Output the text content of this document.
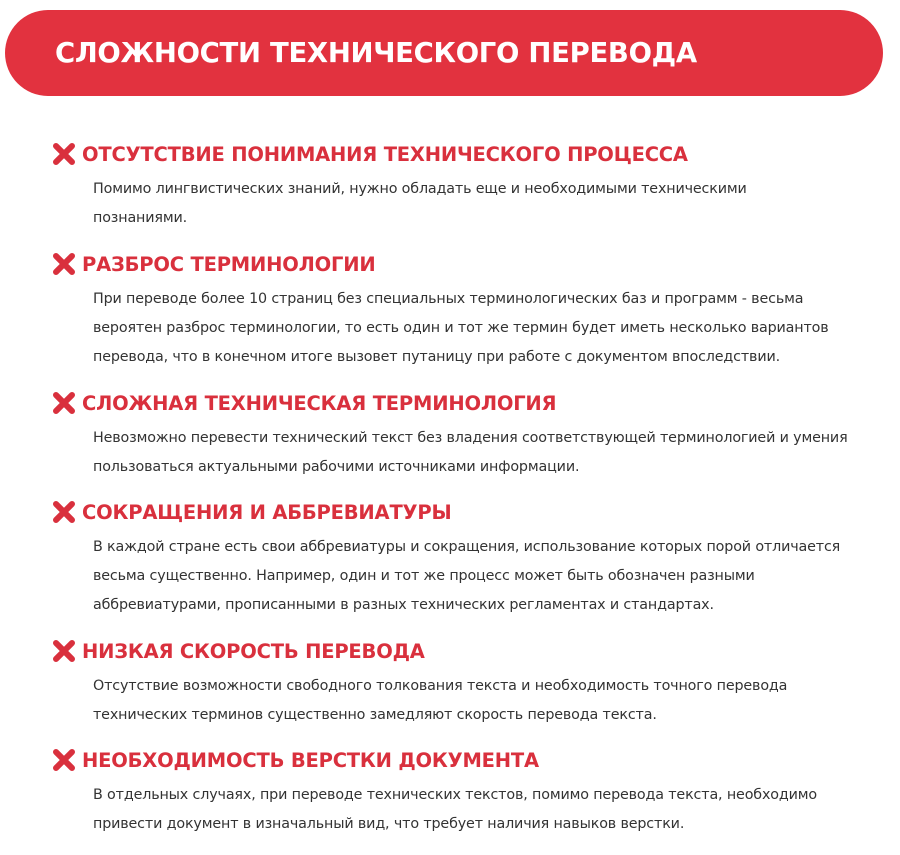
СЛОЖНОСТИ ТЕХНИЧЕСКОГО ПЕРЕВОДА
ОТСУТСТВИЕ ПОНИМАНИЯ ТЕХНИЧЕСКОГО ПРОЦЕССА

Помимо лингвистических знаний, нужно обладать еще и необходимыми техническими
познаниями.

РАЗБРОС ТЕРМИНОЛОГИИ

При переводе более 10 страниц без специальных терминологических баз и программ - весьма
вероятен разброс терминологии, то есть один и тот же термин будет иметь несколько вариантов
перевода, что в конечном итоге вызовет путаницу при работе с документом впоследствии.

СЛОЖНАЯ ТЕХНИЧЕСКАЯ ТЕРМИНОЛОГИЯ

Невозможно перевести технический текст без владения соответствующей терминологией и умения
пользоваться актуальными рабочими источниками информации.

СОКРАЩЕНИЯ И АББРЕВИАТУРЫ

В каждой стране есть свои аббревиатуры и сокращения, использование которых порой отличается
весьма существенно. Например, один и тот же процесс может быть обозначен разными
аббревиатурами, прописанными в разных технических регламентах и стандартах.

НИЗКАЯ СКОРОСТЬ ПЕРЕВОДА

Отсутствие возможности свободного толкования текста и необходимость точного перевода
технических терминов существенно замедляют скорость перевода текста.

НЕОБХОДИМОСТЬ ВЕРСТКИ ДОКУМЕНТА

В отдельных случаях, при переводе технических текстов, помимо перевода текста, необходимо
привести документ в изначальный вид, что требует наличия навыков верстки.
